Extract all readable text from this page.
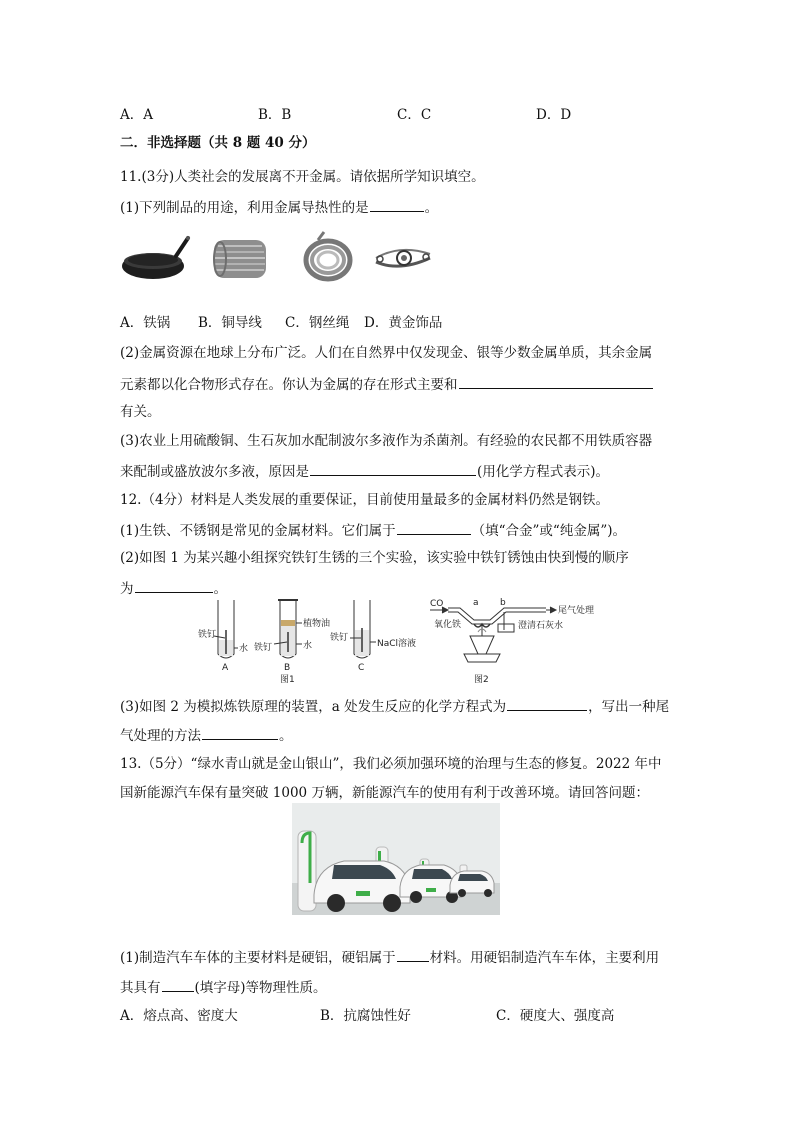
A．A	B．B	C．C	D．D
二．非选择题（共 8 题 40 分）
11.(3分)人类社会的发展离不开金属。请依据所学知识填空。
(1)下列制品的用途，利用金属导热性的是	。
A．铁锅 B．铜导线 C．钢丝绳 D．黄金饰品
(2)金属资源在地球上分布广泛。人们在自然界中仅发现金、银等少数金属单质，其余金属
元素都以化合物形式存在。你认为金属的存在形式主要和
有关。
(3)农业上用硫酸铜、生石灰加水配制波尔多液作为杀菌剂。有经验的农民都不用铁质容器
来配制或盛放波尔多液，原因是	(用化学方程式表示)。
12.（4分）材料是人类发展的重要保证，目前使用量最多的金属材料仍然是钢铁。
(1)生铁、不锈钢是常见的金属材料。它们属于	（填“合金”或“纯金属”)。
(2)如图 1 为某兴趣小组探究铁钉生锈的三个实验，该实验中铁钉锈蚀由快到慢的顺序
为	。
铁钉
水
植物油
铁钉	水
铁钉
NaCl溶液
A	B	C
图1
CO	a b
尾气处理
氧化铁	澄清石灰水
图2
(3)如图 2 为模拟炼铁原理的装置，a 处发生反应的化学方程式为	，写出一种尾
气处理的方法	。
13.（5分）“绿水青山就是金山银山”，我们必须加强环境的治理与生态的修复。2022 年中
国新能源汽车保有量突破 1000 万辆，新能源汽车的使用有利于改善环境。请回答问题：
(1)制造汽车车体的主要材料是硬铝，硬铝属于	材料。用硬铝制造汽车车体，主要利用
其具有	(填字母)等物理性质。
A．熔点高、密度大	B．抗腐蚀性好	C．硬度大、强度高
